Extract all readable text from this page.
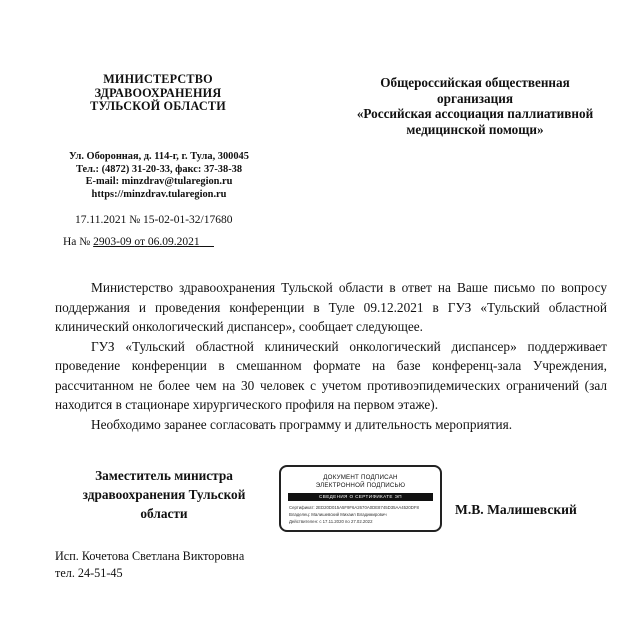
МИНИСТЕРСТВО
ЗДРАВООХРАНЕНИЯ
ТУЛЬСКОЙ ОБЛАСТИ
Общероссийская общественная
организация
«Российская ассоциация паллиативной
медицинской помощи»
Ул. Оборонная, д. 114-г, г. Тула, 300045
Тел.: (4872) 31-20-33, факс: 37-38-38
E-mail: minzdrav@tularegion.ru
https://minzdrav.tularegion.ru
17.11.2021 № 15-02-01-32/17680
На № 2903-09 от 06.09.2021

Министерство здравоохранения Тульской области в ответ на Ваше письмо по вопросу поддержания и проведения конференции в Туле 09.12.2021 в ГУЗ «Тульский областной клинический онкологический диспансер», сообщает следующее.

ГУЗ «Тульский областной клинический онкологический диспансер» поддерживает проведение конференции в смешанном формате на базе конференц-зала Учреждения, рассчитанном не более чем на 30 человек с учетом противоэпидемических ограничений (зал находится в стационаре хирургического профиля на первом этаже).

Необходимо заранее согласовать программу и длительность мероприятия.

Заместитель министра
здравоохранения Тульской
области
ДОКУМЕНТ ПОДПИСАН
ЭЛЕКТРОННОЙ ПОДПИСЬЮ
СВЕДЕНИЯ О СЕРТИФИКАТЕ ЭП
Сертификат: 2ED20D015A5F9F6A2670A0DE8745D35AA4520DF8
Владелец: Малишевский Михаил Владимирович
Действителен: с 17.11.2020 по 27.02.2022
М.В. Малишевский
Исп. Кочетова Светлана Викторовна
тел. 24-51-45
